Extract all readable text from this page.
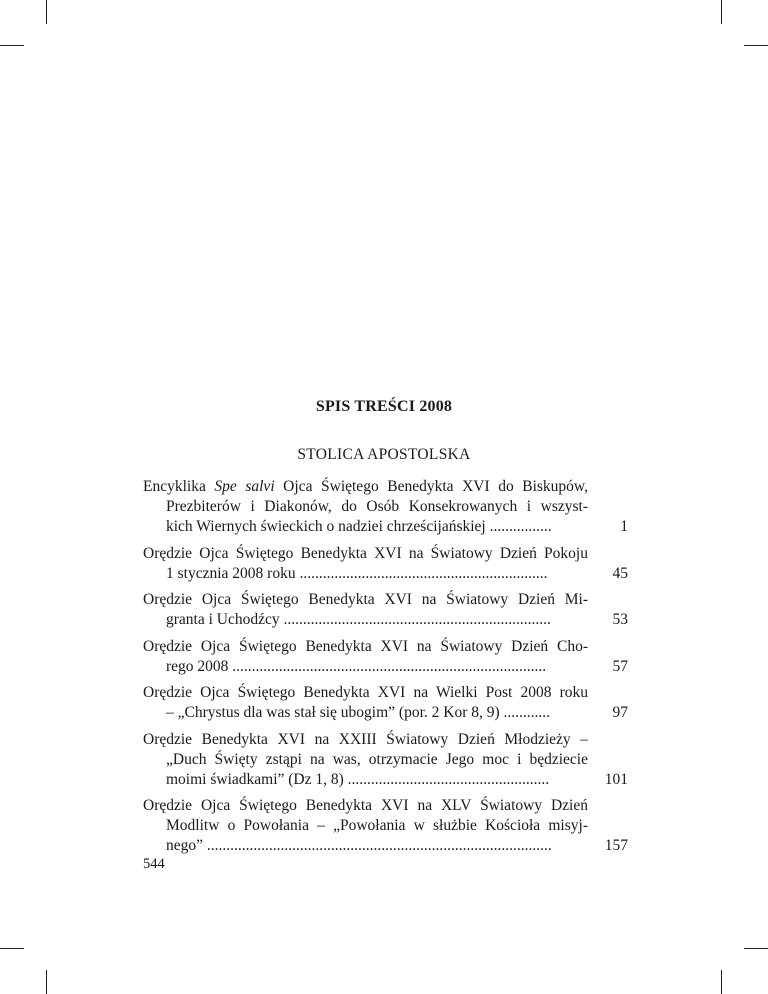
SPIS TREŚCI 2008
STOLICA APOSTOLSKA
Encyklika Spe salvi Ojca Świętego Benedykta XVI do Biskupów,
Prezbiterów i Diakonów, do Osób Konsekrowanych i wszyst-
kich Wiernych świeckich o nadziei chrześcijańskiej ................	1
Orędzie Ojca Świętego Benedykta XVI na Światowy Dzień Pokoju
1 stycznia 2008 roku ................................................................	45
Orędzie Ojca Świętego Benedykta XVI na Światowy Dzień Mi-
granta i Uchodźcy .....................................................................	53
Orędzie Ojca Świętego Benedykta XVI na Światowy Dzień Cho-
rego 2008 .................................................................................	57
Orędzie Ojca Świętego Benedykta XVI na Wielki Post 2008 roku
– „Chrystus dla was stał się ubogim” (por. 2 Kor 8, 9) ............	97
Orędzie Benedykta XVI na XXIII Światowy Dzień Młodzieży –
„Duch Święty zstąpi na was, otrzymacie Jego moc i będziecie
moimi świadkami” (Dz 1, 8) ....................................................	101
Orędzie Ojca Świętego Benedykta XVI na XLV Światowy Dzień
Modlitw o Powołania – „Powołania w służbie Kościoła misyj-
nego” .........................................................................................	157
544
